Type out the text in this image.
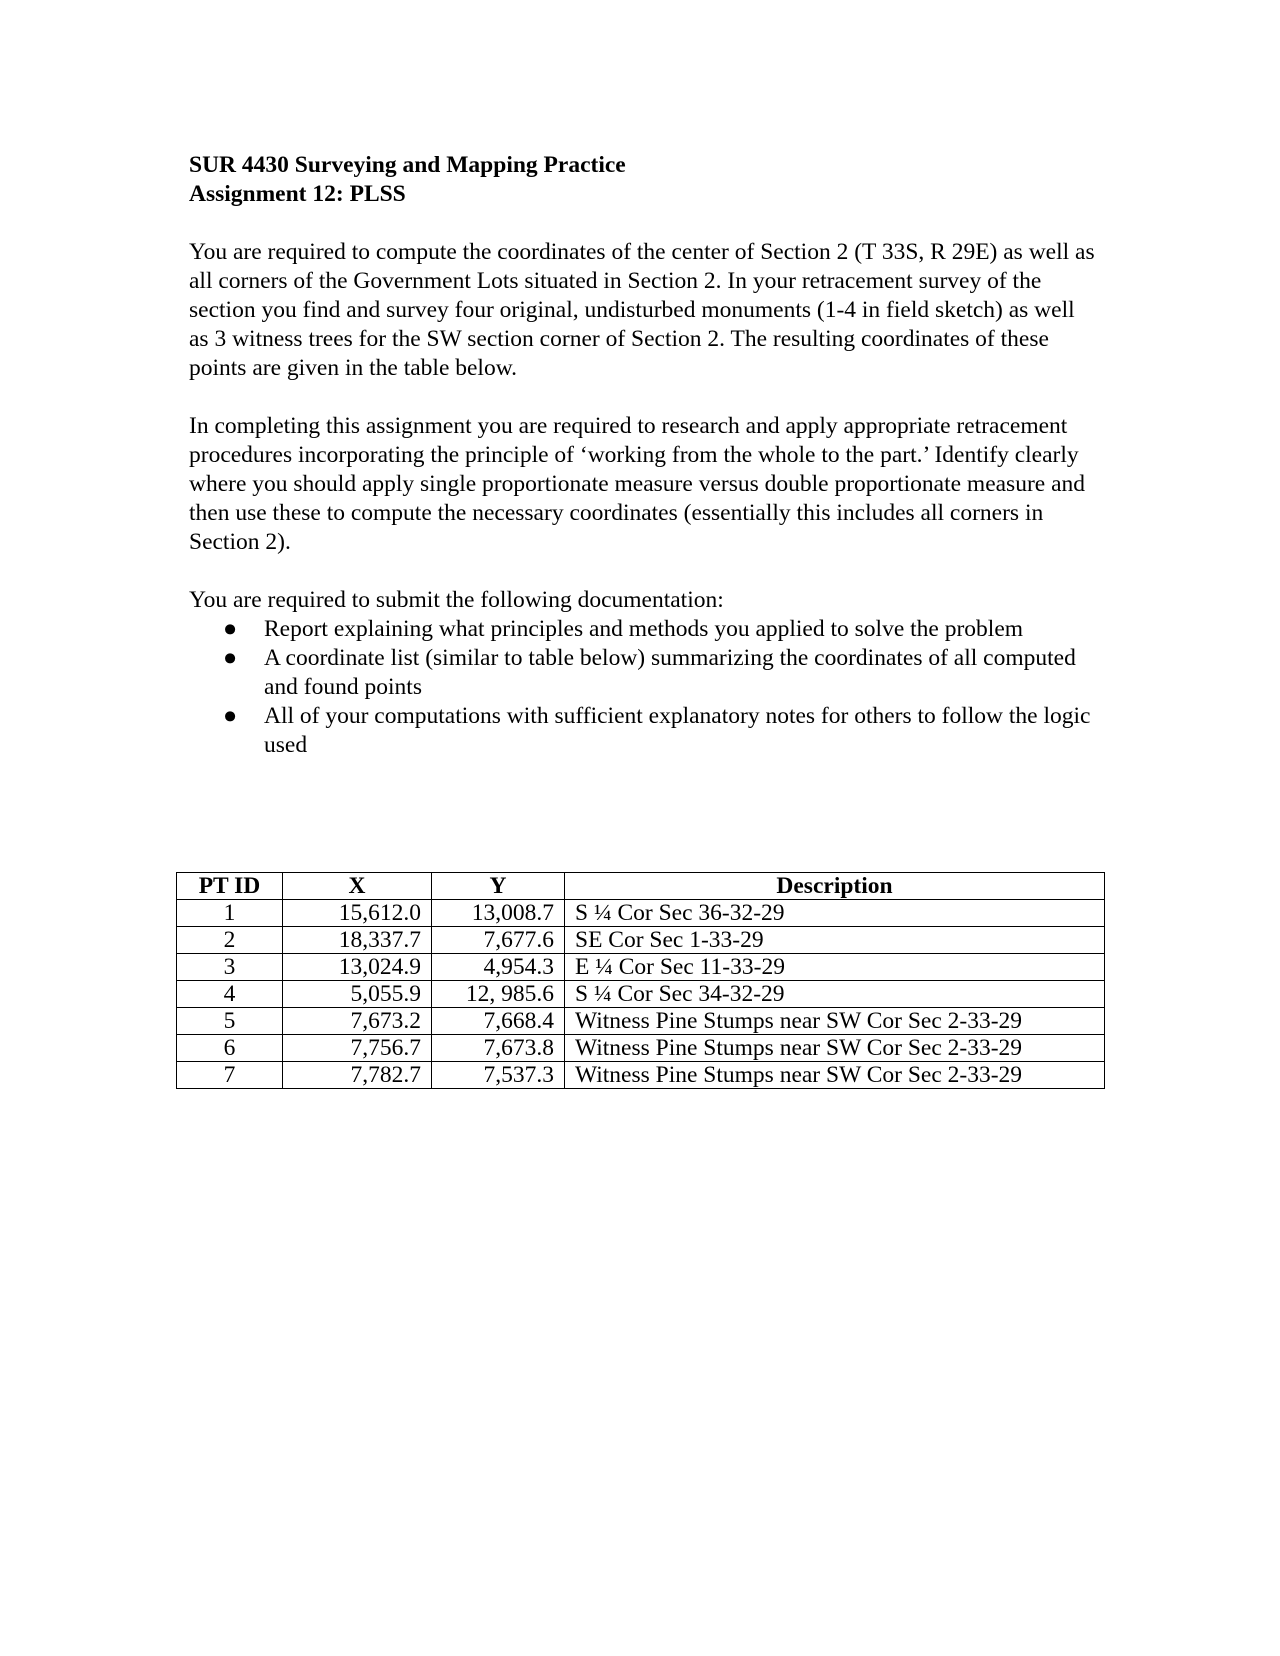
SUR 4430 Surveying and Mapping Practice
Assignment 12: PLSS

You are required to compute the coordinates of the center of Section 2 (T 33S, R 29E) as well as all corners of the Government Lots situated in Section 2. In your retracement survey of the section you find and survey four original, undisturbed monuments (1-4 in field sketch) as well as 3 witness trees for the SW section corner of Section 2. The resulting coordinates of these points are given in the table below.

In completing this assignment you are required to research and apply appropriate retracement procedures incorporating the principle of ‘working from the whole to the part.’ Identify clearly where you should apply single proportionate measure versus double proportionate measure and then use these to compute the necessary coordinates (essentially this includes all corners in Section 2).

You are required to submit the following documentation:

● Report explaining what principles and methods you applied to solve the problem
● A coordinate list (similar to table below) summarizing the coordinates of all computed and found points
● All of your computations with sufficient explanatory notes for others to follow the logic used
PT ID	X	Y	Description
1	15,612.0	13,008.7	S ¼ Cor Sec 36-32-29
2	18,337.7	7,677.6	SE Cor Sec 1-33-29
3	13,024.9	4,954.3	E ¼ Cor Sec 11-33-29
4	5,055.9	12, 985.6	S ¼ Cor Sec 34-32-29
5	7,673.2	7,668.4	Witness Pine Stumps near SW Cor Sec 2-33-29
6	7,756.7	7,673.8	Witness Pine Stumps near SW Cor Sec 2-33-29
7	7,782.7	7,537.3	Witness Pine Stumps near SW Cor Sec 2-33-29
